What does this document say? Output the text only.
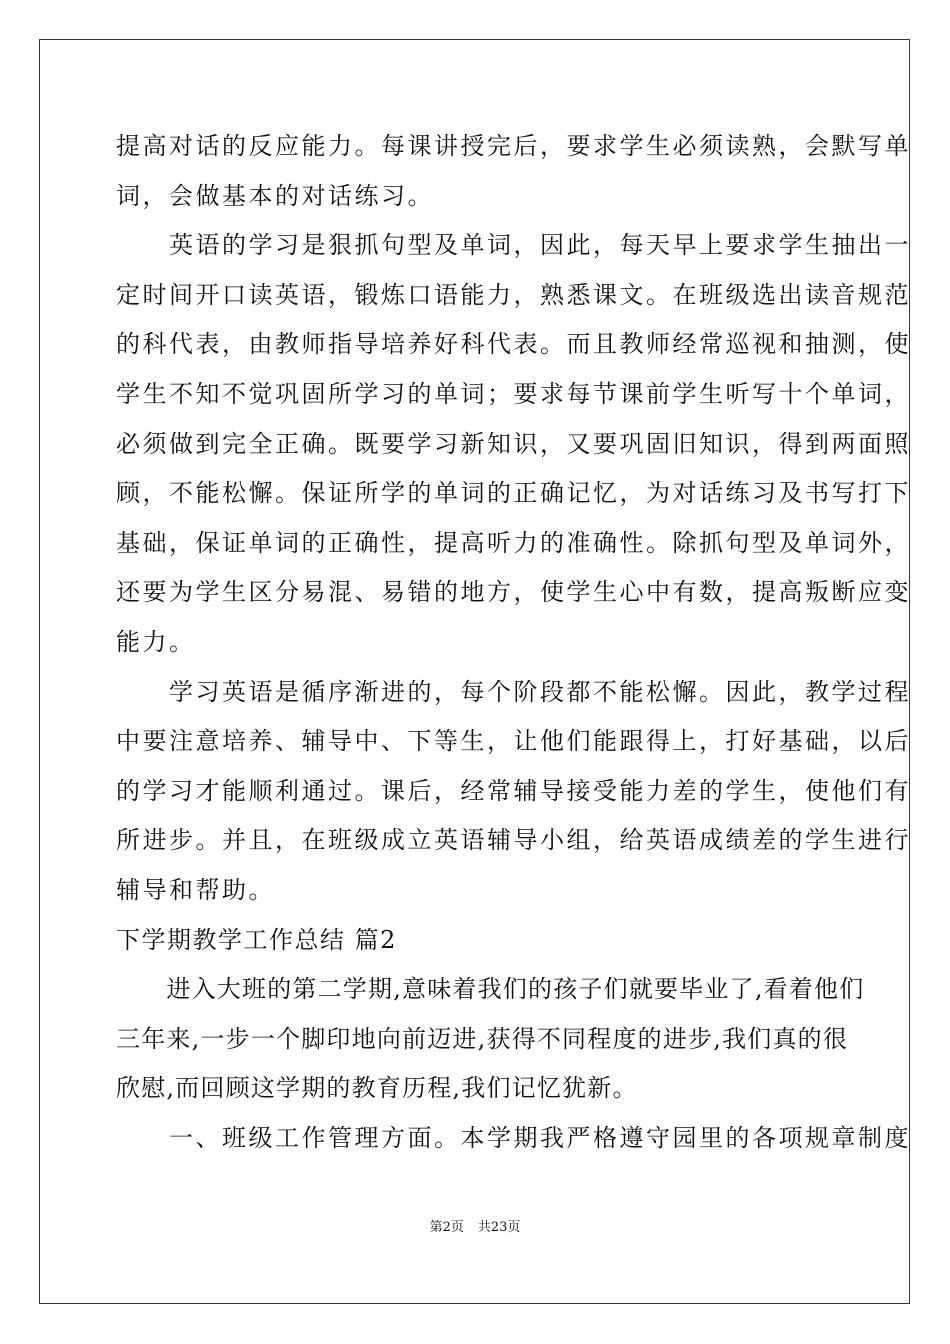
提高对话的反应能力。每课讲授完后，要求学生必须读熟，会默写单
词，会做基本的对话练习。
　　英语的学习是狠抓句型及单词，因此，每天早上要求学生抽出一
定时间开口读英语，锻炼口语能力，熟悉课文。在班级选出读音规范
的科代表，由教师指导培养好科代表。而且教师经常巡视和抽测，使
学生不知不觉巩固所学习的单词；要求每节课前学生听写十个单词，
必须做到完全正确。既要学习新知识，又要巩固旧知识，得到两面照
顾，不能松懈。保证所学的单词的正确记忆，为对话练习及书写打下
基础，保证单词的正确性，提高听力的准确性。除抓句型及单词外，
还要为学生区分易混、易错的地方，使学生心中有数，提高叛断应变
能力。
　　学习英语是循序渐进的，每个阶段都不能松懈。因此，教学过程
中要注意培养、辅导中、下等生，让他们能跟得上，打好基础，以后
的学习才能顺利通过。课后，经常辅导接受能力差的学生，使他们有
所进步。并且，在班级成立英语辅导小组，给英语成绩差的学生进行
辅导和帮助。
下学期教学工作总结 篇2
　　进入大班的第二学期,意味着我们的孩子们就要毕业了,看着他们
三年来,一步一个脚印地向前迈进,获得不同程度的进步,我们真的很
欣慰,而回顾这学期的教育历程,我们记忆犹新。
　　一、班级工作管理方面。本学期我严格遵守园里的各项规章制度
第2页 共23页
